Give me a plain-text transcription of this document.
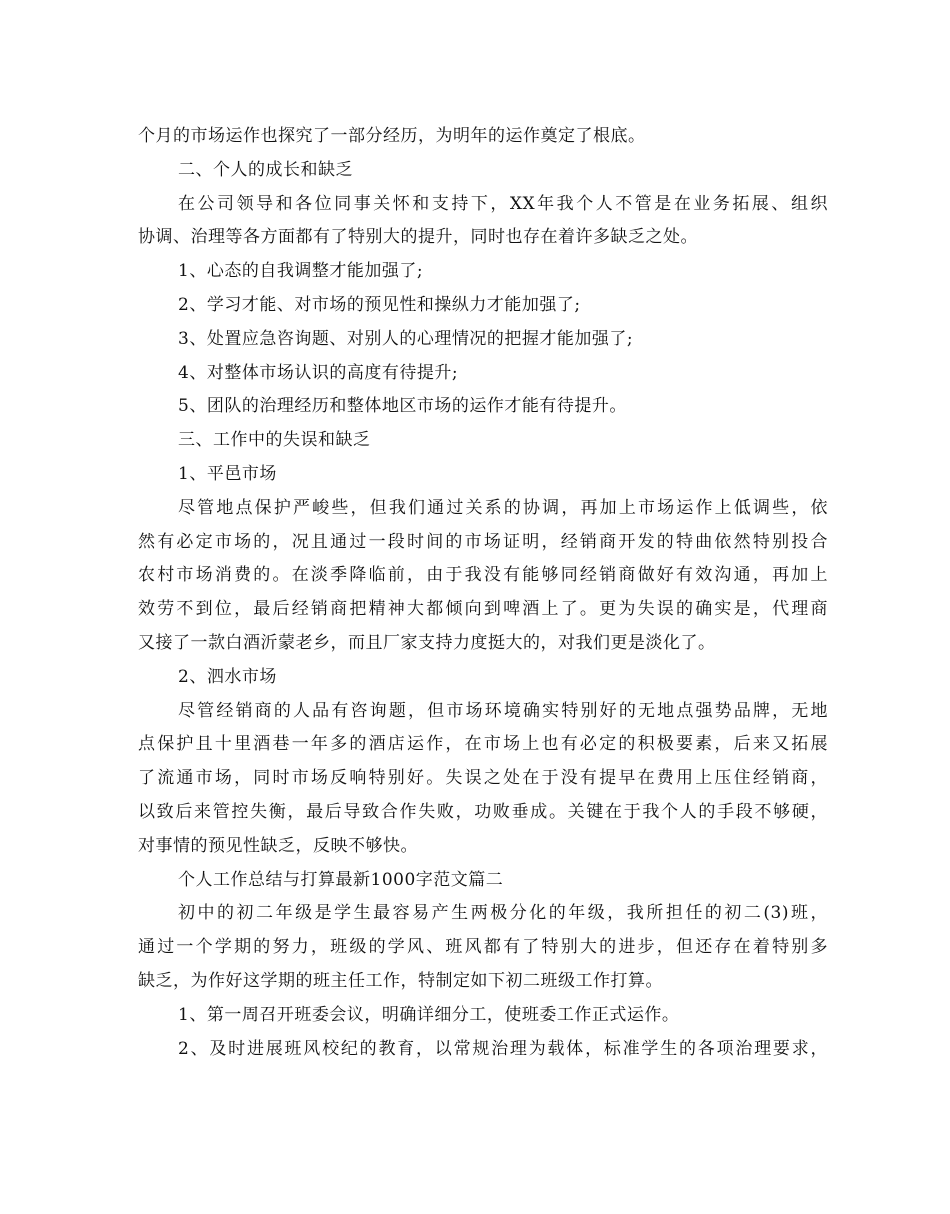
个月的市场运作也探究了一部分经历，为明年的运作奠定了根底。
二、个人的成长和缺乏
在公司领导和各位同事关怀和支持下，XX年我个人不管是在业务拓展、组织
协调、治理等各方面都有了特别大的提升，同时也存在着许多缺乏之处。
1、心态的自我调整才能加强了;
2、学习才能、对市场的预见性和操纵力才能加强了;
3、处置应急咨询题、对别人的心理情况的把握才能加强了;
4、对整体市场认识的高度有待提升;
5、团队的治理经历和整体地区市场的运作才能有待提升。
三、工作中的失误和缺乏
1、平邑市场
尽管地点保护严峻些，但我们通过关系的协调，再加上市场运作上低调些，依
然有必定市场的，况且通过一段时间的市场证明，经销商开发的特曲依然特别投合
农村市场消费的。在淡季降临前，由于我没有能够同经销商做好有效沟通，再加上
效劳不到位，最后经销商把精神大都倾向到啤酒上了。更为失误的确实是，代理商
又接了一款白酒沂蒙老乡，而且厂家支持力度挺大的，对我们更是淡化了。
2、泗水市场
尽管经销商的人品有咨询题，但市场环境确实特别好的无地点强势品牌，无地
点保护且十里酒巷一年多的酒店运作，在市场上也有必定的积极要素，后来又拓展
了流通市场，同时市场反响特别好。失误之处在于没有提早在费用上压住经销商，
以致后来管控失衡，最后导致合作失败，功败垂成。关键在于我个人的手段不够硬，
对事情的预见性缺乏，反映不够快。
个人工作总结与打算最新1000字范文篇二
初中的初二年级是学生最容易产生两极分化的年级，我所担任的初二(3)班，
通过一个学期的努力，班级的学风、班风都有了特别大的进步，但还存在着特别多
缺乏，为作好这学期的班主任工作，特制定如下初二班级工作打算。
1、第一周召开班委会议，明确详细分工，使班委工作正式运作。
2、及时进展班风校纪的教育，以常规治理为载体，标准学生的各项治理要求，
